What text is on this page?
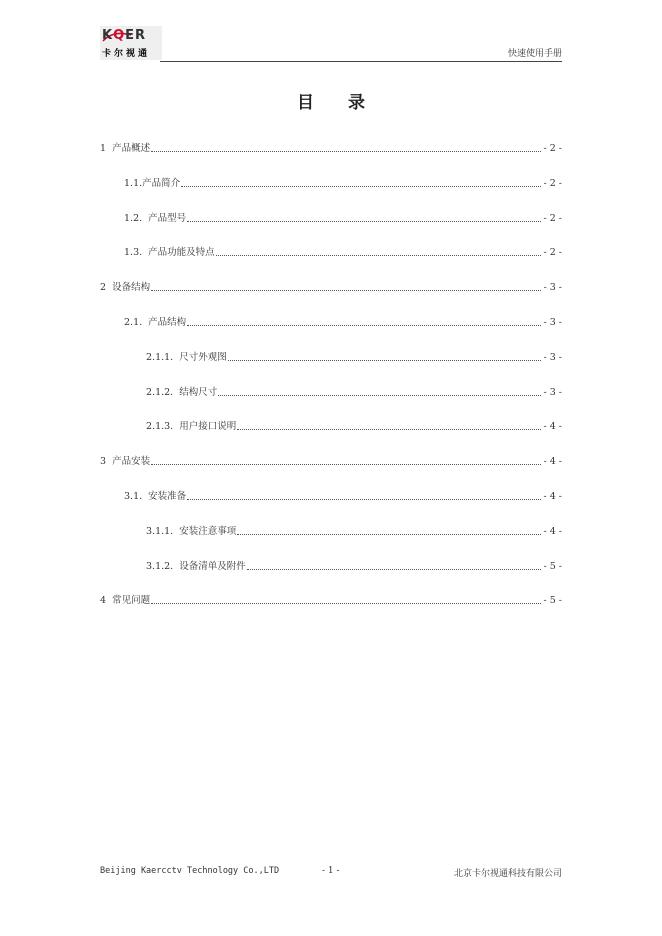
KQER
卡尔视通	快速使用手册
目 录
1 产品概述	- 2 -
1.1. 产品简介	- 2 -
1.2. 产品型号	- 2 -
1.3. 产品功能及特点	- 2 -
2 设备结构	- 3 -
2.1. 产品结构	- 3 -
2.1.1. 尺寸外观图	- 3 -
2.1.2. 结构尺寸	- 3 -
2.1.3. 用户接口说明	- 4 -
3 产品安装	- 4 -
3.1. 安装准备	- 4 -
3.1.1. 安装注意事项	- 4 -
3.1.2. 设备清单及附件	- 5 -
4 常见问题	- 5 -
Beijing Kaercctv Technology Co.,LTD	- 1 -	北京卡尔视通科技有限公司
